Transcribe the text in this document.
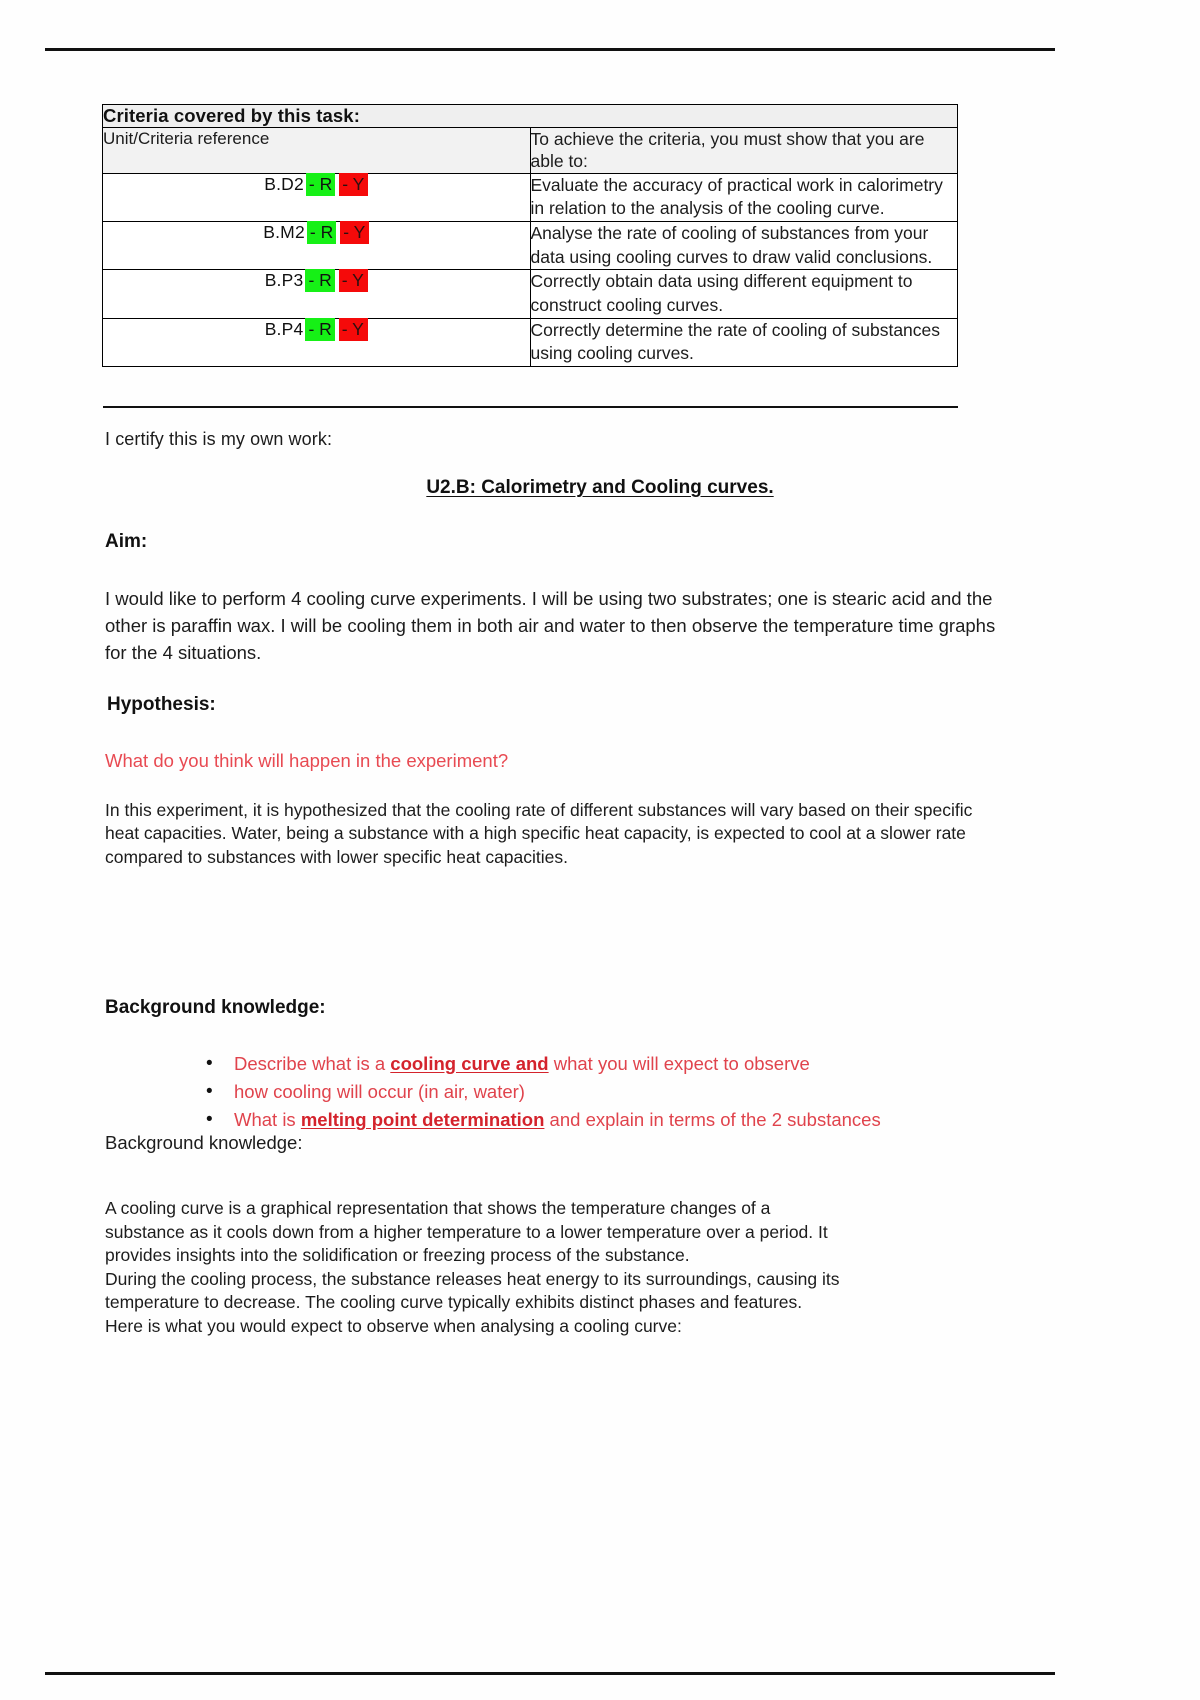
Criteria covered by this task:	
Unit/Criteria reference	To achieve the criteria, you must show that you are able to:
B.D2 - R - Y	Evaluate the accuracy of practical work in calorimetry in relation to the analysis of the cooling curve.
B.M2 - R - Y	Analyse the rate of cooling of substances from your
data using cooling curves to draw valid conclusions.

B.P3 - R - Y	Correctly obtain data using different equipment to construct cooling curves.
B.P4 - R - Y	Correctly determine the rate of cooling of substances using cooling curves.
I certify this is my own work:
U2.B: Calorimetry and Cooling curves.
Aim:
I would like to perform 4 cooling curve experiments. I will be using two substrates; one is stearic acid and the other is paraffin wax. I will be cooling them in both air and water to then observe the temperature time graphs for the 4 situations.
Hypothesis:
What do you think will happen in the experiment?
In this experiment, it is hypothesized that the cooling rate of different substances will vary based on their specific heat capacities. Water, being a substance with a high specific heat capacity, is expected to cool at a slower rate compared to substances with lower specific heat capacities.
Background knowledge:
• Describe what is a cooling curve and what you will expect to observe
• how cooling will occur (in air, water)
• What is melting point determination and explain in terms of the 2 substances
Background knowledge:
A cooling curve is a graphical representation that shows the temperature changes of a
substance as it cools down from a higher temperature to a lower temperature over a period. It
provides insights into the solidification or freezing process of the substance.
During the cooling process, the substance releases heat energy to its surroundings, causing its
temperature to decrease. The cooling curve typically exhibits distinct phases and features.
Here is what you would expect to observe when analysing a cooling curve:
